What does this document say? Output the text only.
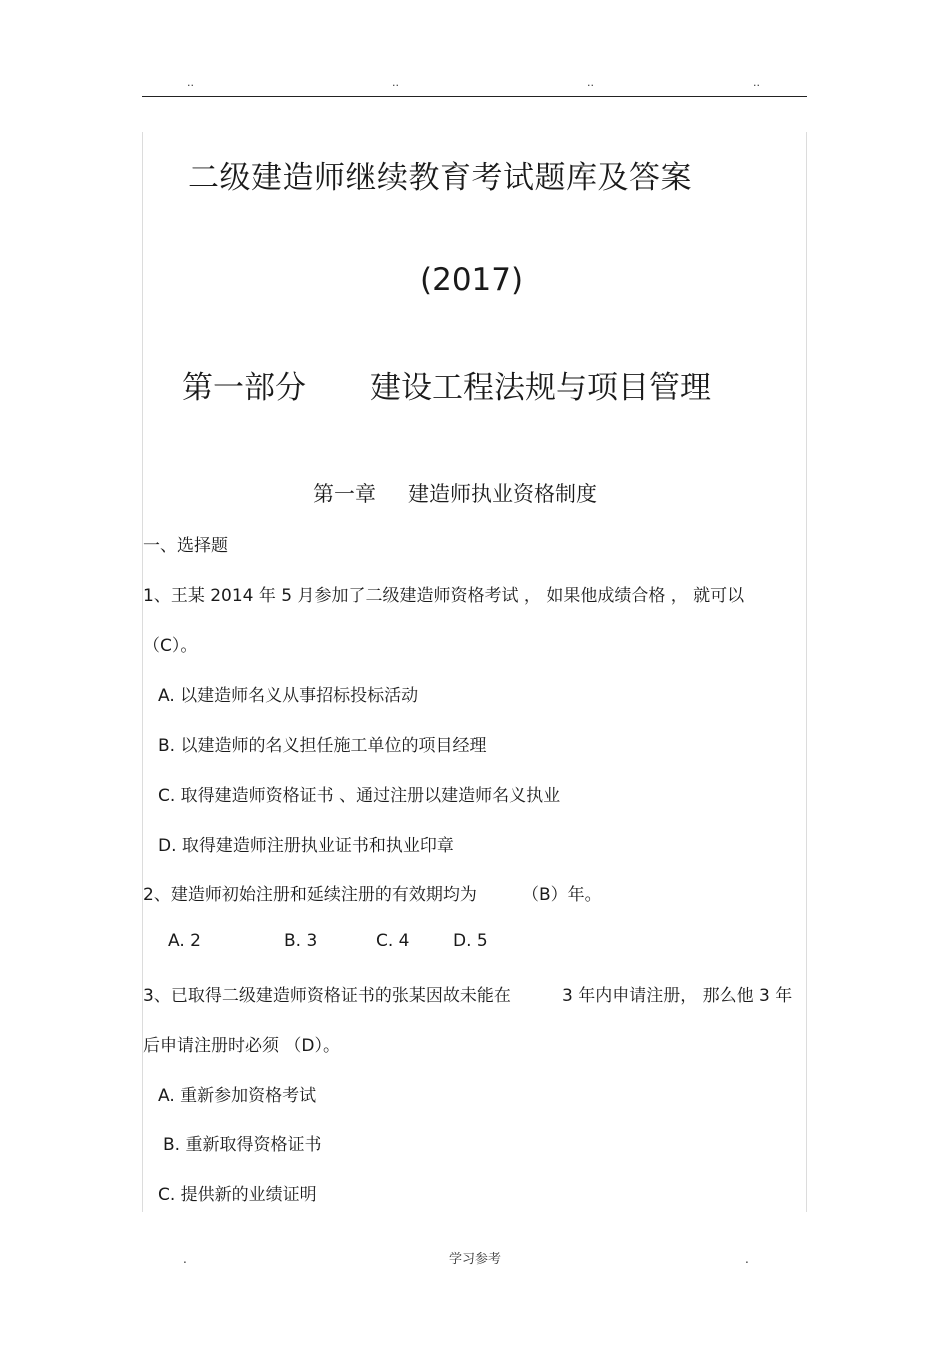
..	..	..	..
二级建造师继续教育考试题库及答案
(2017)
第一部分 建设工程法规与项目管理
第一章 建造师执业资格制度
一、选择题
1、王某 2014 年 5 月参加了二级建造师资格考试 ， 如果他成绩合格 ， 就可以
（C）。
A. 以建造师名义从事招标投标活动
B. 以建造师的名义担任施工单位的项目经理
C. 取得建造师资格证书 、通过注册以建造师名义执业
D. 取得建造师注册执业证书和执业印章
2、建造师初始注册和延续注册的有效期均为	（B）年。
A. 2	B. 3	C. 4	D. 5
3、已取得二级建造师资格证书的张某因故未能在	3 年内申请注册， 那么他 3 年
后申请注册时必须 （D）。
A. 重新参加资格考试
B. 重新取得资格证书
C. 提供新的业绩证明
.	学习参考	.
